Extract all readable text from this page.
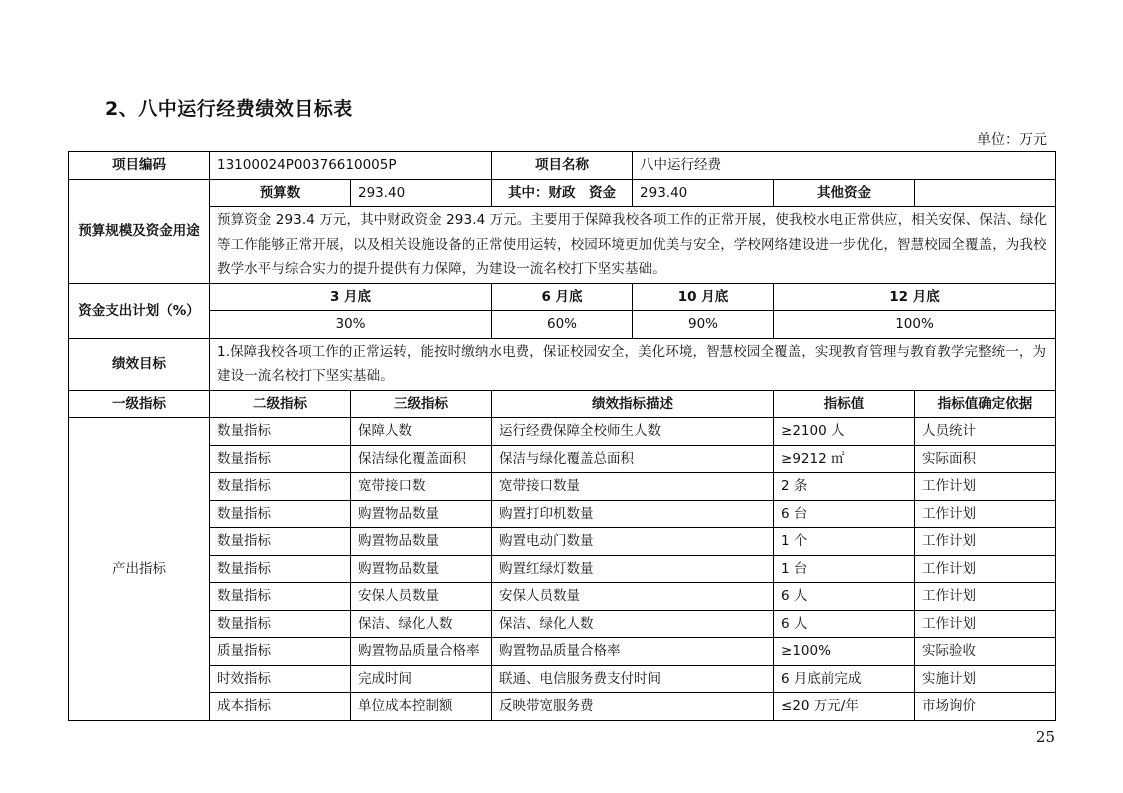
2、八中运行经费绩效目标表
单位：万元
项目编码	13100024P00376610005P		项目名称	八中运行经费		
预算规模及资金用途	预算数	293.40	其中：财政　资金	293.40	其他资金	
	预算资金 293.4 万元，其中财政资金 293.4 万元。主要用于保障我校各项工作的正常开展，使我校水电正常供应，相关安保、保洁、绿化等工作能够正常开展，以及相关设施设备的正常使用运转，校园环境更加优美与安全，学校网络建设进一步优化，智慧校园全覆盖，为我校教学水平与综合实力的提升提供有力保障，为建设一流名校打下坚实基础。					
资金支出计划（%）	3 月底		6 月底	10 月底	12 月底	
	30%		60%	90%	100%	
绩效目标	1.保障我校各项工作的正常运转，能按时缴纳水电费，保证校园安全，美化环境，智慧校园全覆盖，实现教育管理与教育教学完整统一，为建设一流名校打下坚实基础。					
一级指标	二级指标	三级指标	绩效指标描述		指标值	指标值确定依据
产出指标	数量指标	保障人数	运行经费保障全校师生人数		≥2100 人	人员统计
	数量指标	保洁绿化覆盖面积	保洁与绿化覆盖总面积		≥9212 ㎡	实际面积
	数量指标	宽带接口数	宽带接口数量		2 条	工作计划
	数量指标	购置物品数量	购置打印机数量		6 台	工作计划
	数量指标	购置物品数量	购置电动门数量		1 个	工作计划
	数量指标	购置物品数量	购置红绿灯数量		1 台	工作计划
	数量指标	安保人员数量	安保人员数量		6 人	工作计划
	数量指标	保洁、绿化人数	保洁、绿化人数		6 人	工作计划
	质量指标	购置物品质量合格率	购置物品质量合格率		≥100%	实际验收
	时效指标	完成时间	联通、电信服务费支付时间		6 月底前完成	实施计划
	成本指标	单位成本控制额	反映带宽服务费		≤20 万元/年	市场询价
25
